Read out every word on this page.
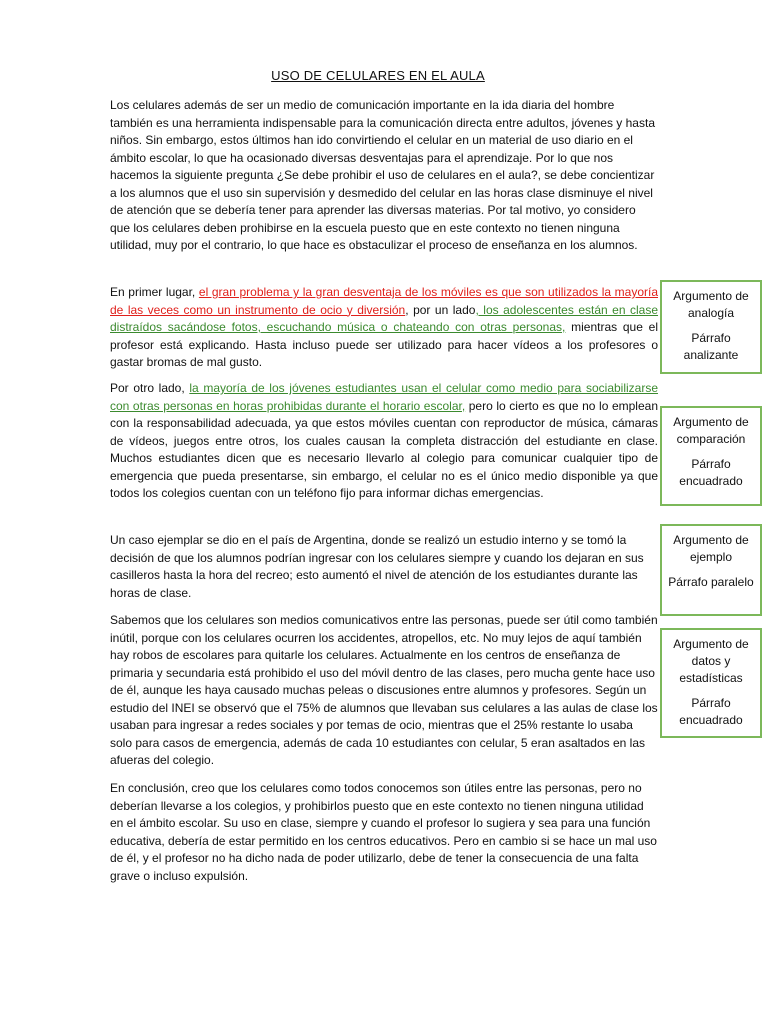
USO DE CELULARES EN EL AULA

Los celulares además de ser un medio de comunicación importante en la ida diaria del hombre también es una herramienta indispensable para la comunicación directa entre adultos, jóvenes y hasta niños. Sin embargo, estos últimos han ido convirtiendo el celular en un material de uso diario en el ámbito escolar, lo que ha ocasionado diversas desventajas para el aprendizaje. Por lo que nos hacemos la siguiente pregunta ¿Se debe prohibir el uso de celulares en el aula?, se debe concientizar a los alumnos que el uso sin supervisión y desmedido del celular en las horas clase disminuye el nivel de atención que se debería tener para aprender las diversas materias. Por tal motivo, yo considero que los celulares deben prohibirse en la escuela puesto que en este contexto no tienen ninguna utilidad, muy por el contrario, lo que hace es obstaculizar el proceso de enseñanza en los alumnos.

En primer lugar, el gran problema y la gran desventaja de los móviles es que son utilizados la mayoría de las veces como un instrumento de ocio y diversión, por un lado, los adolescentes están en clase distraídos sacándose fotos, escuchando música o chateando con otras personas, mientras que el profesor está explicando. Hasta incluso puede ser utilizado para hacer vídeos a los profesores o gastar bromas de mal gusto.

Por otro lado, la mayoría de los jóvenes estudiantes usan el celular como medio para sociabilizarse con otras personas en horas prohibidas durante el horario escolar, pero lo cierto es que no lo emplean con la responsabilidad adecuada, ya que estos móviles cuentan con reproductor de música, cámaras de vídeos, juegos entre otros, los cuales causan la completa distracción del estudiante en clase. Muchos estudiantes dicen que es necesario llevarlo al colegio para comunicar cualquier tipo de emergencia que pueda presentarse, sin embargo, el celular no es el único medio disponible ya que todos los colegios cuentan con un teléfono fijo para informar dichas emergencias.

Un caso ejemplar se dio en el país de Argentina, donde se realizó un estudio interno y se tomó la decisión de que los alumnos podrían ingresar con los celulares siempre y cuando los dejaran en sus casilleros hasta la hora del recreo; esto aumentó el nivel de atención de los estudiantes durante las horas de clase.

Sabemos que los celulares son medios comunicativos entre las personas, puede ser útil como también inútil, porque con los celulares ocurren los accidentes, atropellos, etc. No muy lejos de aquí también hay robos de escolares para quitarle los celulares. Actualmente en los centros de enseñanza de primaria y secundaria está prohibido el uso del móvil dentro de las clases, pero mucha gente hace uso de él, aunque les haya causado muchas peleas o discusiones entre alumnos y profesores. Según un estudio del INEI se observó que el 75% de alumnos que llevaban sus celulares a las aulas de clase los usaban para ingresar a redes sociales y por temas de ocio, mientras que el 25% restante lo usaba solo para casos de emergencia, además de cada 10 estudiantes con celular, 5 eran asaltados en las afueras del colegio.

En conclusión, creo que los celulares como todos conocemos son útiles entre las personas, pero no deberían llevarse a los colegios, y prohibirlos puesto que en este contexto no tienen ninguna utilidad en el ámbito escolar. Su uso en clase, siempre y cuando el profesor lo sugiera y sea para una función educativa, debería de estar permitido en los centros educativos. Pero en cambio si se hace un mal uso de él, y el profesor no ha dicho nada de poder utilizarlo, debe de tener la consecuencia de una falta grave o incluso expulsión.

Argumento de analogía
Párrafo analizante
Argumento de comparación
Párrafo encuadrado
Argumento de ejemplo
Párrafo paralelo
Argumento de datos y estadísticas
Párrafo encuadrado
